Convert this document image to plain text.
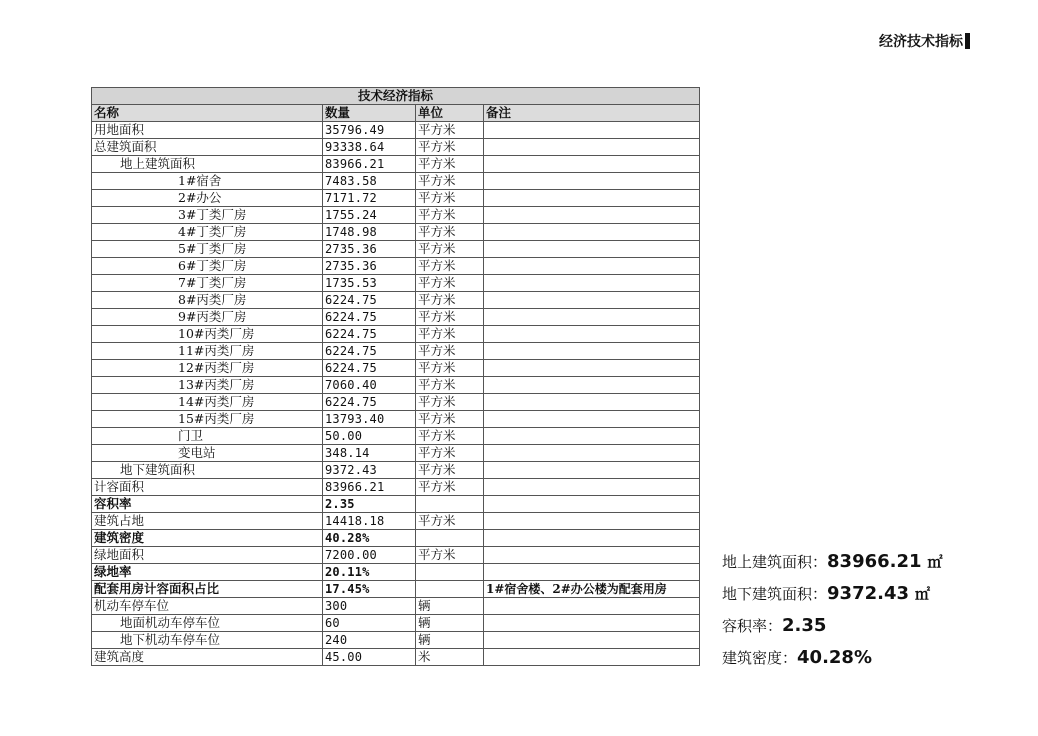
经济技术指标
技术经济指标			
名称	数量	单位	备注
用地面积	35796.49	平方米	
总建筑面积	93338.64	平方米	
地上建筑面积	83966.21	平方米	
1#宿舍	7483.58	平方米	
2#办公	7171.72	平方米	
3#丁类厂房	1755.24	平方米	
4#丁类厂房	1748.98	平方米	
5#丁类厂房	2735.36	平方米	
6#丁类厂房	2735.36	平方米	
7#丁类厂房	1735.53	平方米	
8#丙类厂房	6224.75	平方米	
9#丙类厂房	6224.75	平方米	
10#丙类厂房	6224.75	平方米	
11#丙类厂房	6224.75	平方米	
12#丙类厂房	6224.75	平方米	
13#丙类厂房	7060.40	平方米	
14#丙类厂房	6224.75	平方米	
15#丙类厂房	13793.40	平方米	
门卫	50.00	平方米	
变电站	348.14	平方米	
地下建筑面积	9372.43	平方米	
计容面积	83966.21	平方米	
容积率	2.35		
建筑占地	14418.18	平方米	
建筑密度	40.28%		
绿地面积	7200.00	平方米	
绿地率	20.11%		
配套用房计容面积占比	17.45%		1#宿舍楼、2#办公楼为配套用房
机动车停车位	300	辆	
地面机动车停车位	60	辆	
地下机动车停车位	240	辆	
建筑高度	45.00	米	
地上建筑面积：83966.21 ㎡
地下建筑面积：9372.43 ㎡
容积率：2.35
建筑密度：40.28%
